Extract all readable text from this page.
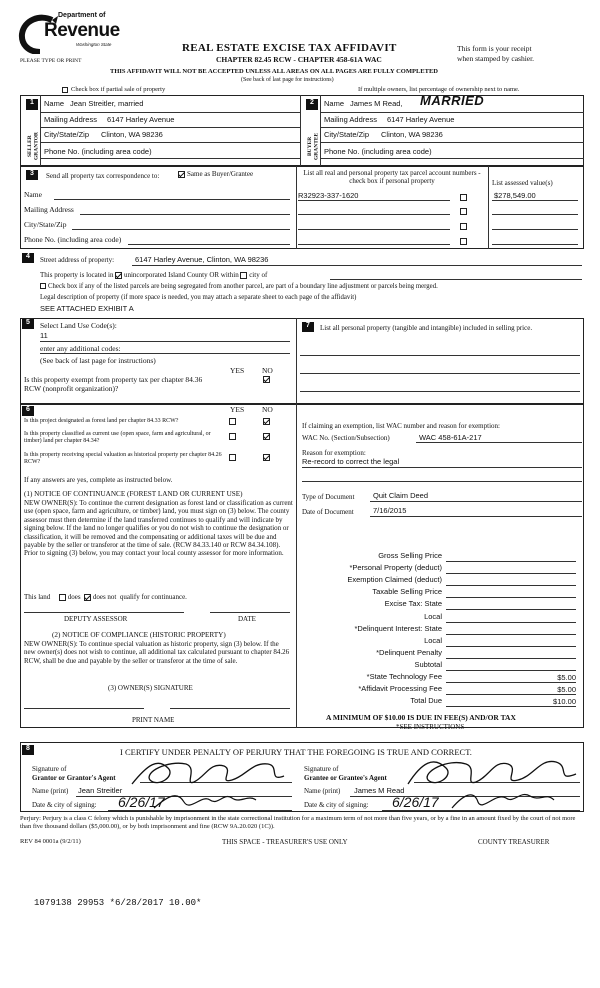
Department of
Revenue
Washington State
PLEASE TYPE OR PRINT
REAL ESTATE EXCISE TAX AFFIDAVIT
CHAPTER 82.45 RCW - CHAPTER 458-61A WAC
This form is your receipt
when stamped by cashier.
THIS AFFIDAVIT WILL NOT BE ACCEPTED UNLESS ALL AREAS ON ALL PAGES ARE FULLY COMPLETED
(See back of last page for instructions)
Check box if partial sale of property	If multiple owners, list percentage of ownership next to name.
1
SELLER GRANTOR
Name Jean Streitler, married
Mailing Address 6147 Harley Avenue
City/State/Zip Clinton, WA 98236
Phone No. (including area code)
2
BUYER GRANTEE
Name James M Read, MARRIED
Mailing Address 6147 Harley Avenue
City/State/Zip Clinton, WA 98236
Phone No. (including area code)
3	Send all property tax correspondence to:	Same as Buyer/Grantee
Name
Mailing Address
City/State/Zip
Phone No. (including area code)
List all real and personal property tax parcel account numbers - check box if personal property	List assessed value(s)
R32923-337-1620	$278,549.00
4	Street address of property:	6147 Harley Avenue, Clinton, WA 98236
This property is located in unincorporated Island County OR within city of
Check box if any of the listed parcels are being segregated from another parcel, are part of a boundary line adjustment or parcels being merged.
Legal description of property (if more space is needed, you may attach a separate sheet to each page of the affidavit)
SEE ATTACHED EXHIBIT A
5	Select Land Use Code(s):
11
enter any additional codes:
(See back of last page for instructions)
YES NO
Is this property exempt from property tax per chapter 84.36 RCW (nonprofit organization)?
7	List all personal property (tangible and intangible) included in selling price.
6	YES NO
Is this project designated as forest land per chapter 84.33 RCW?
Is this property classified as current use (open space, farm and agricultural, or timber) land per chapter 84.34?
Is this property receiving special valuation as historical property per chapter 84.26 RCW?
If any answers are yes, complete as instructed below.
(1) NOTICE OF CONTINUANCE (FOREST LAND OR CURRENT USE)
NEW OWNER(S): To continue the current designation as forest land or classification as current use (open space, farm and agriculture, or timber) land, you must sign on (3) below. The county assessor must then determine if the land transferred continues to qualify and will indicate by signing below. If the land no longer qualifies or you do not wish to continue the designation or classification, it will be removed and the compensating or additional taxes will be due and payable by the seller or transferor at the time of sale. (RCW 84.33.140 or RCW 84.34.108). Prior to signing (3) below, you may contact your local county assessor for more information.
This land	does does not qualify for continuance.
DEPUTY ASSESSOR	DATE
(2) NOTICE OF COMPLIANCE (HISTORIC PROPERTY)
NEW OWNER(S): To continue special valuation as historic property, sign (3) below. If the new owner(s) does not wish to continue, all additional tax calculated pursuant to chapter 84.26 RCW, shall be due and payable by the seller or transferor at the time of sale.
(3) OWNER(S) SIGNATURE
PRINT NAME
If claiming an exemption, list WAC number and reason for exemption:
WAC No. (Section/Subsection)	WAC 458-61A-217
Reason for exemption:
Re-record to correct the legal
Type of Document Quit Claim Deed
Date of Document	7/16/2015
Gross Selling Price
*Personal Property (deduct)
Exemption Claimed (deduct)
Taxable Selling Price
Excise Tax: State
Local
*Delinquent Interest: State
Local
*Delinquent Penalty
Subtotal
*State Technology Fee	$5.00
*Affidavit Processing Fee	$5.00
Total Due	$10.00
A MINIMUM OF $10.00 IS DUE IN FEE(S) AND/OR TAX
*SEE INSTRUCTIONS
8	I CERTIFY UNDER PENALTY OF PERJURY THAT THE FOREGOING IS TRUE AND CORRECT.
Signature of
Grantor or Grantor's Agent
Name (print) Jean Streitler
Date & city of signing: 6/26/17
Signature of
Grantee or Grantee's Agent
Name (print) James M Read
Date & city of signing: 6/26/17
Perjury: Perjury is a class C felony which is punishable by imprisonment in the state correctional institution for a maximum term of not more than five years, or by a fine in an amount fixed by the court of not more than five thousand dollars ($5,000.00), or by both imprisonment and fine (RCW 9A.20.020 (1C)).
REV 84 0001a (9/2/11)	THIS SPACE - TREASURER'S USE ONLY	COUNTY TREASURER
1079138 29953 *6/28/2017 10.00*
